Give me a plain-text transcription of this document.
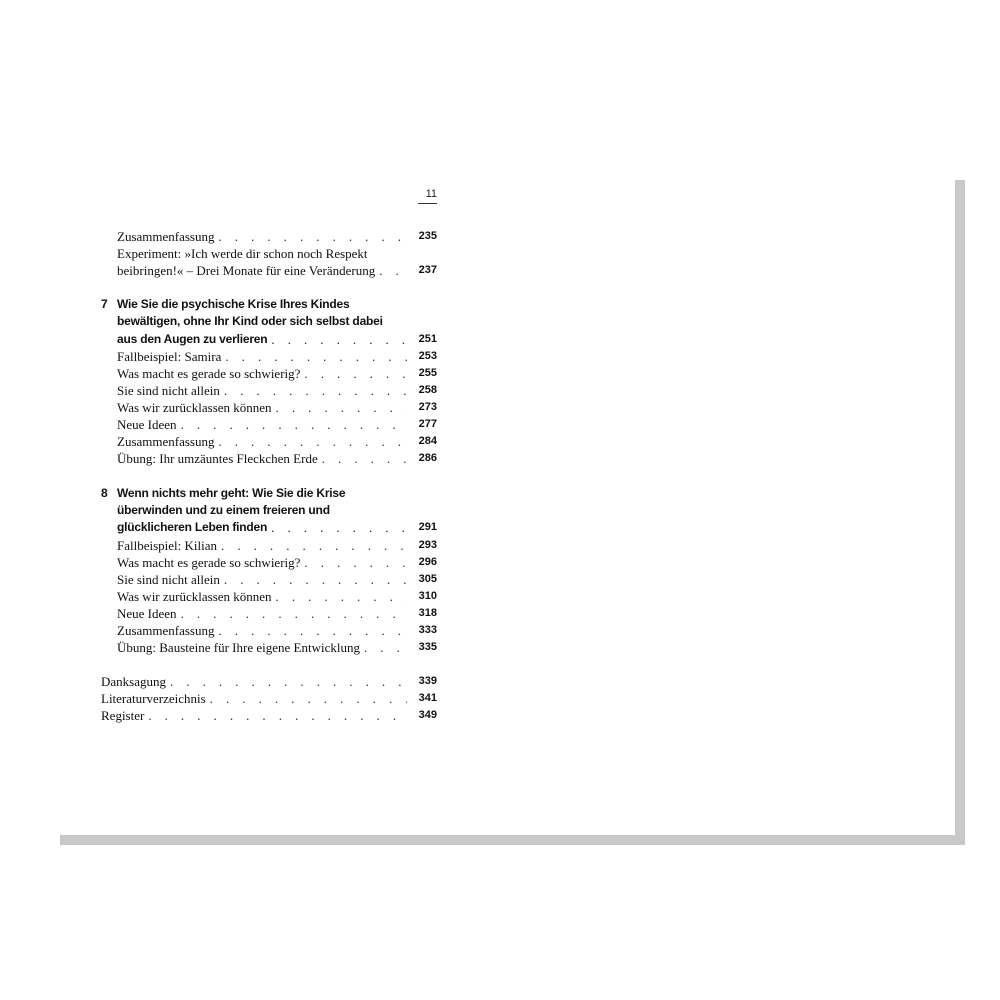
11
Zusammenfassung . . .	235
Experiment: »Ich werde dir schon noch Respekt
beibringen!« – Drei Monate für eine Veränderung . . .	237
7 Wie Sie die psychische Krise Ihres Kindes
bewältigen, ohne Ihr Kind oder sich selbst dabei
aus den Augen zu verlieren . . .	251
Fallbeispiel: Samira . . .	253
Was macht es gerade so schwierig? . . .	255
Sie sind nicht allein . . .	258
Was wir zurücklassen können . . .	273
Neue Ideen . . .	277
Zusammenfassung . . .	284
Übung: Ihr umzäuntes Fleckchen Erde . . .	286
8 Wenn nichts mehr geht: Wie Sie die Krise
überwinden und zu einem freieren und
glücklicheren Leben finden . . .	291
Fallbeispiel: Kilian . . .	293
Was macht es gerade so schwierig? . . .	296
Sie sind nicht allein . . .	305
Was wir zurücklassen können . . .	310
Neue Ideen . . .	318
Zusammenfassung . . .	333
Übung: Bausteine für Ihre eigene Entwicklung . . .	335
Danksagung . . .	339
Literaturverzeichnis . . .	341
Register . . .	349
